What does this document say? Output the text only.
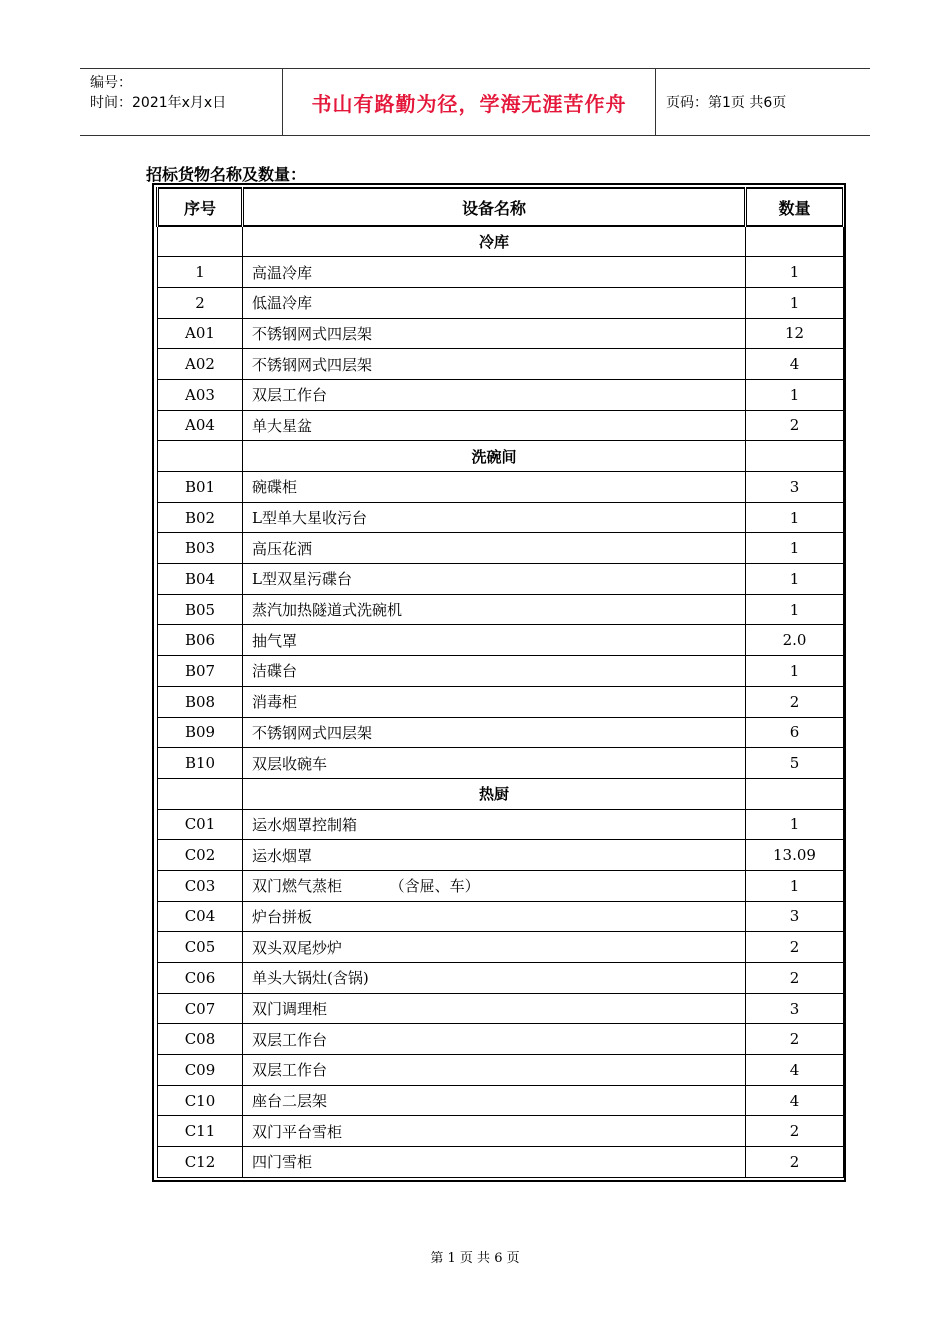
编号：
时间：2021年x月x日	书山有路勤为径，学海无涯苦作舟	页码：第1页 共6页
招标货物名称及数量：
序号	设备名称	数量
	冷库	
1	高温冷库	1
2	低温冷库	1
A01	不锈钢网式四层架	12
A02	不锈钢网式四层架	4
A03	双层工作台	1
A04	单大星盆	2
	洗碗间	
B01	碗碟柜	3
B02	L型单大星收污台	1
B03	高压花洒	1
B04	L型双星污碟台	1
B05	蒸汽加热隧道式洗碗机	1
B06	抽气罩	2.0
B07	洁碟台	1
B08	消毒柜	2
B09	不锈钢网式四层架	6
B10	双层收碗车	5
	热厨	
C01	运水烟罩控制箱	1
C02	运水烟罩	13.09
C03	双门燃气蒸柜          （含屉、车）	1
C04	炉台拼板	3
C05	双头双尾炒炉	2
C06	单头大锅灶(含锅)	2
C07	双门调理柜	3
C08	双层工作台	2
C09	双层工作台	4
C10	座台二层架	4
C11	双门平台雪柜	2
C12	四门雪柜	2
第 1 页 共 6 页
